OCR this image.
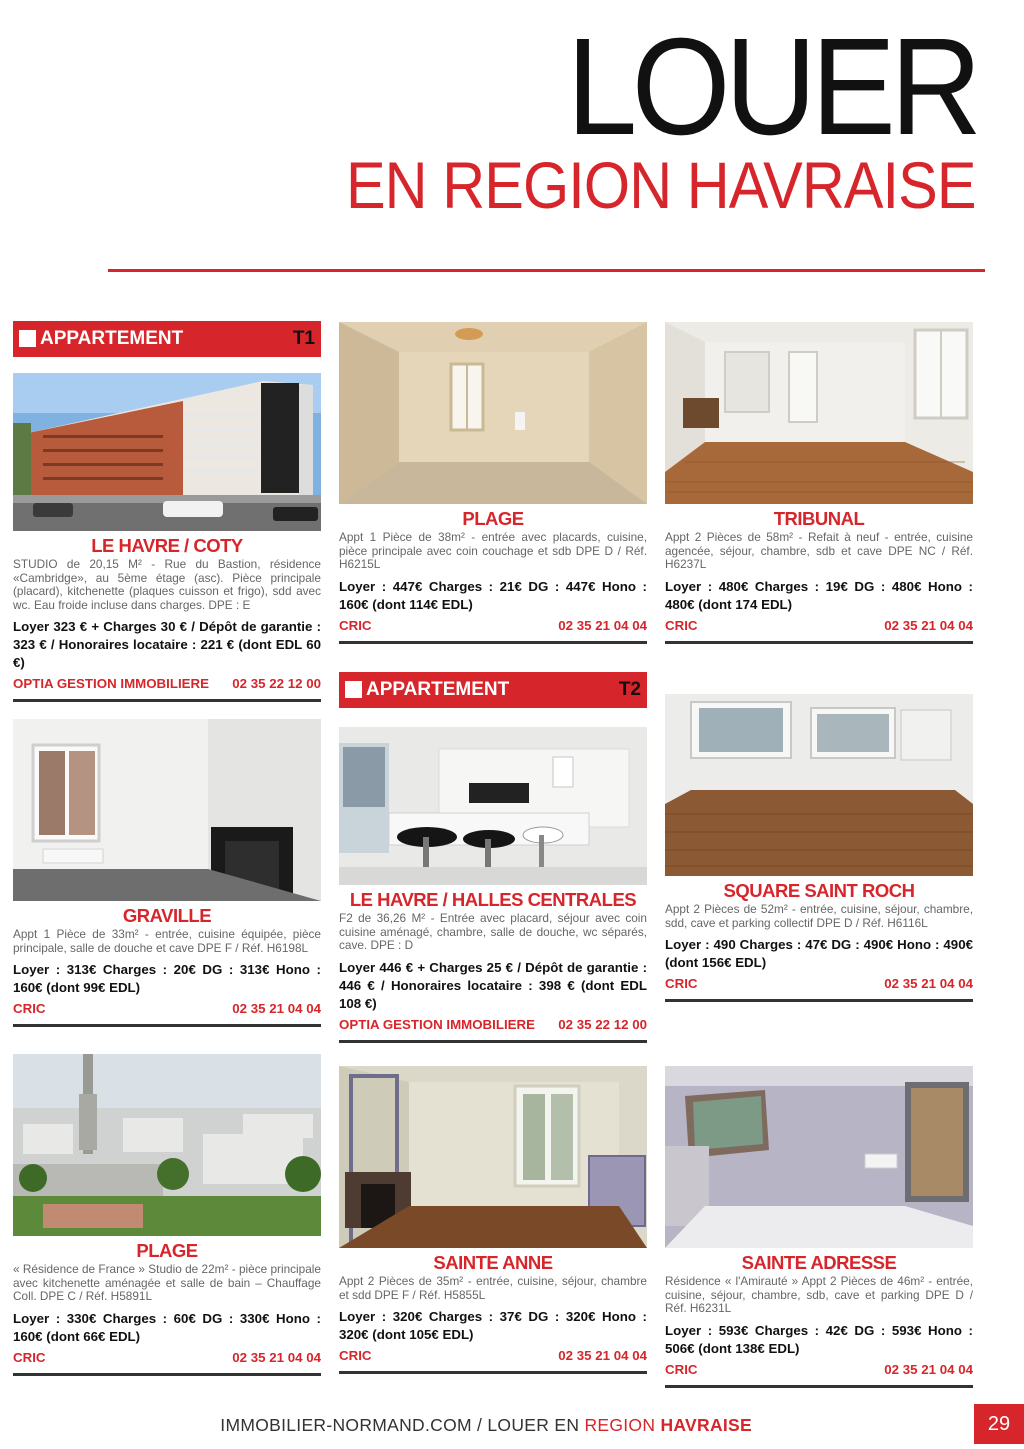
LOUER
EN REGION HAVRAISE
APPARTEMENT	T1
APPARTEMENT	T2
LE HAVRE / COTY
STUDIO de 20,15 M² - Rue du Bastion, résidence «Cambridge», au 5ème étage (asc). Pièce principale (placard), kitchenette (plaques cuisson et frigo), sdd avec wc. Eau froide incluse dans charges. DPE : E
Loyer 323 € + Charges 30 € / Dépôt de garantie : 323 € / Honoraires locataire : 221 € (dont EDL 60 €)
OPTIA GESTION IMMOBILIERE 02 35 22 12 00
PLAGE
Appt 1 Pièce de 38m² - entrée avec placards, cuisine, pièce principale avec coin couchage et sdb DPE D / Réf. H6215L
Loyer : 447€ Charges : 21€ DG : 447€ Hono : 160€ (dont 114€ EDL)
CRIC	02 35 21 04 04
TRIBUNAL
Appt 2 Pièces de 58m² - Refait à neuf - entrée, cuisine agencée, séjour, chambre, sdb et cave DPE NC / Réf. H6237L
Loyer : 480€ Charges : 19€ DG : 480€ Hono : 480€ (dont 174 EDL)
CRIC	02 35 21 04 04
GRAVILLE
Appt 1 Pièce de 33m² - entrée, cuisine équipée, pièce principale, salle de douche et cave DPE F / Réf. H6198L
Loyer : 313€ Charges : 20€ DG : 313€ Hono : 160€ (dont 99€ EDL)
CRIC	02 35 21 04 04
LE HAVRE / HALLES CENTRALES
F2 de 36,26 M² - Entrée avec placard, séjour avec coin cuisine aménagé, chambre, salle de douche, wc séparés, cave. DPE : D
Loyer 446 € + Charges 25 € / Dépôt de garantie : 446 € / Honoraires locataire : 398 € (dont EDL 108 €)
OPTIA GESTION IMMOBILIERE 02 35 22 12 00
SQUARE SAINT ROCH
Appt 2 Pièces de 52m² - entrée, cuisine, séjour, chambre, sdd, cave et parking collectif DPE D / Réf. H6116L
Loyer : 490 Charges : 47€ DG : 490€ Hono : 490€ (dont 156€ EDL)
CRIC	02 35 21 04 04
PLAGE
« Résidence de France » Studio de 22m² - pièce principale avec kitchenette aménagée et salle de bain – Chauffage Coll. DPE C / Réf. H5891L
Loyer : 330€ Charges : 60€ DG : 330€ Hono : 160€ (dont 66€ EDL)
CRIC	02 35 21 04 04
SAINTE ANNE
Appt 2 Pièces de 35m² - entrée, cuisine, séjour, chambre et sdd DPE F / Réf. H5855L
Loyer : 320€ Charges : 37€ DG : 320€ Hono : 320€ (dont 105€ EDL)
CRIC	02 35 21 04 04
SAINTE ADRESSE
Résidence « l'Amirauté » Appt 2 Pièces de 46m² - entrée, cuisine, séjour, chambre, sdb, cave et parking DPE D / Réf. H6231L
Loyer : 593€ Charges : 42€ DG : 593€ Hono : 506€ (dont 138€ EDL)
CRIC	02 35 21 04 04
IMMOBILIER-NORMAND.COM / LOUER EN REGION HAVRAISE	29
